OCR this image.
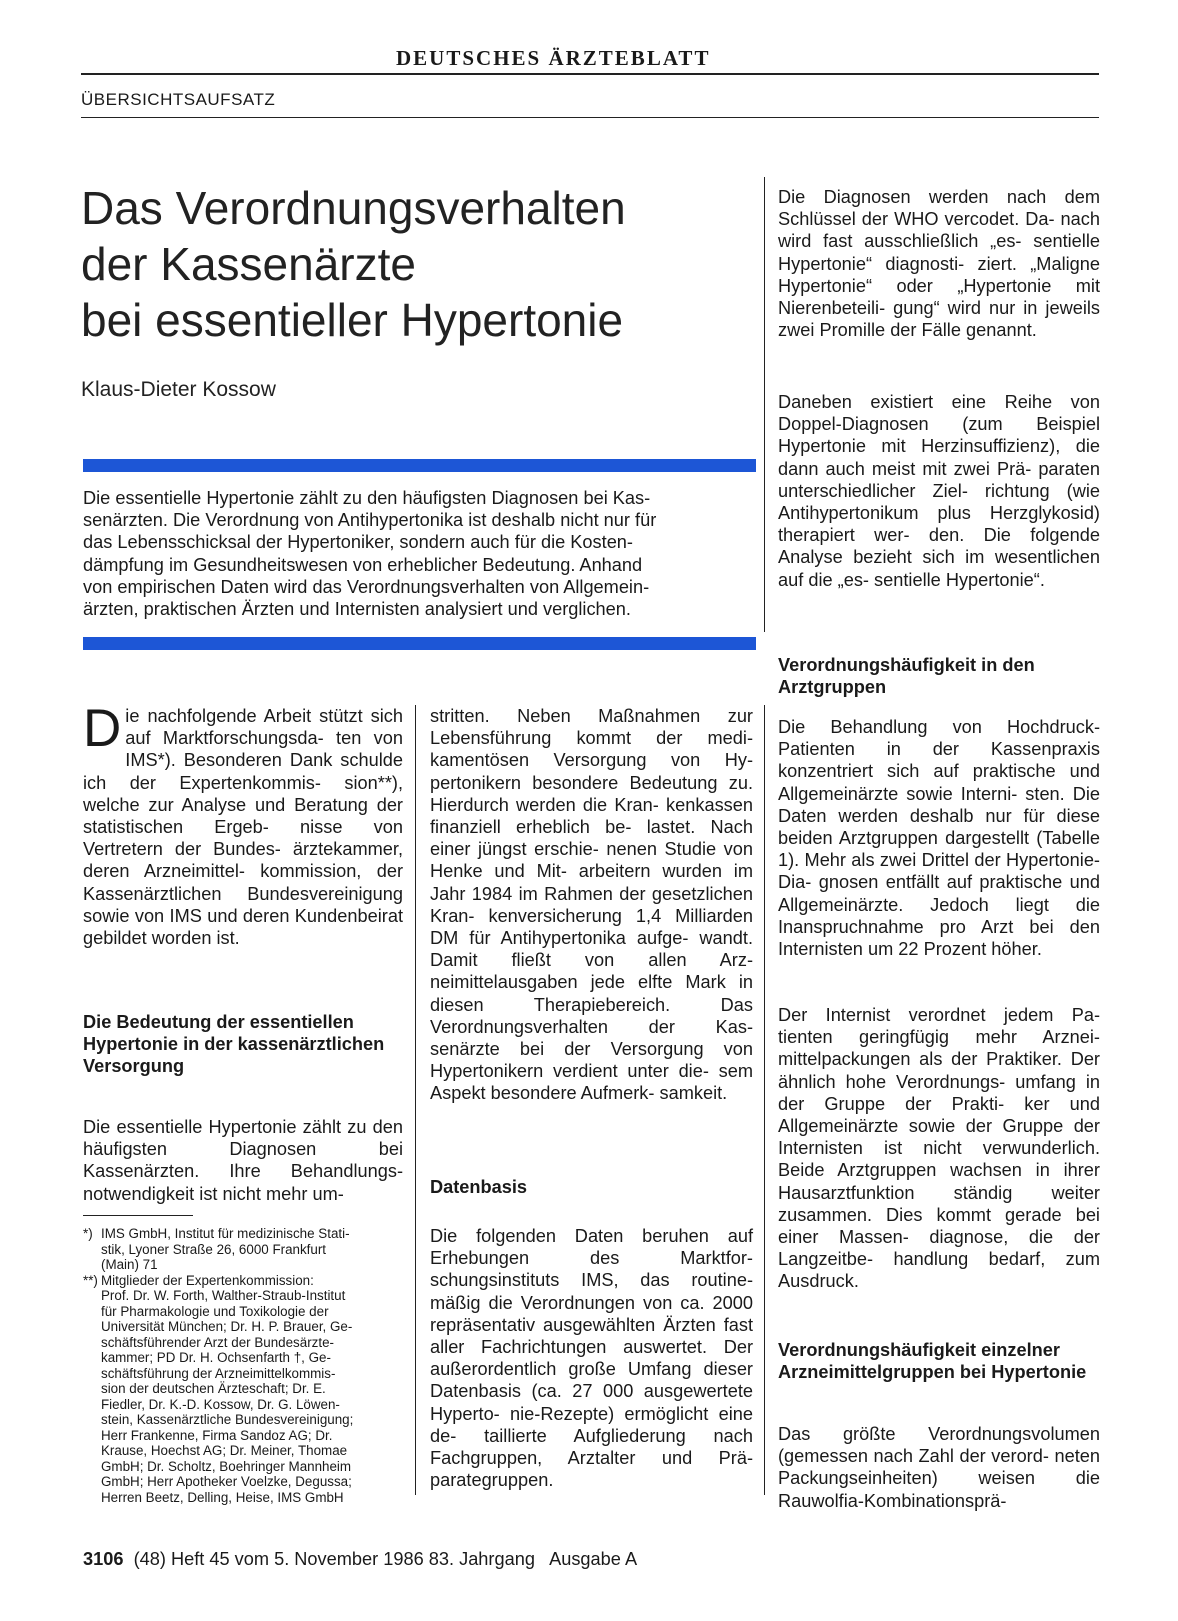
DEUTSCHES ÄRZTEBLATT
ÜBERSICHTSAUFSATZ
Das Verordnungsverhalten
der Kassenärzte
bei essentieller Hypertonie
Klaus-Dieter Kossow
Die essentielle Hypertonie zählt zu den häufigsten Diagnosen bei Kas-
senärzten. Die Verordnung von Antihypertonika ist deshalb nicht nur für
das Lebensschicksal der Hypertoniker, sondern auch für die Kosten-
dämpfung im Gesundheitswesen von erheblicher Bedeutung. Anhand
von empirischen Daten wird das Verordnungsverhalten von Allgemein-
ärzten, praktischen Ärzten und Internisten analysiert und verglichen.
D ie nachfolgende Arbeit stützt sich auf Marktforschungsda- ten von IMS*). Besonderen Dank schulde ich der Expertenkommis- sion**), welche zur Analyse und Beratung der statistischen Ergeb- nisse von Vertretern der Bundes- ärztekammer, deren Arzneimittel- kommission, der Kassenärztlichen Bundesvereinigung sowie von IMS und deren Kundenbeirat gebildet worden ist.
Die Bedeutung der essentiellen Hypertonie in der kassenärztlichen Versorgung
Die essentielle Hypertonie zählt zu den häufigsten Diagnosen bei Kassenärzten. Ihre Behandlungs- notwendigkeit ist nicht mehr um-
*) IMS GmbH, Institut für medizinische Stati-
stik, Lyoner Straße 26, 6000 Frankfurt
(Main) 71
**) Mitglieder der Expertenkommission:
Prof. Dr. W. Forth, Walther-Straub-Institut
für Pharmakologie und Toxikologie der
Universität München; Dr. H. P. Brauer, Ge-
schäftsführender Arzt der Bundesärzte-
kammer; PD Dr. H. Ochsenfarth †, Ge-
schäftsführung der Arzneimittelkommis-
sion der deutschen Ärzteschaft; Dr. E.
Fiedler, Dr. K.-D. Kossow, Dr. G. Löwen-
stein, Kassenärztliche Bundesvereinigung;
Herr Frankenne, Firma Sandoz AG; Dr.
Krause, Hoechst AG; Dr. Meiner, Thomae
GmbH; Dr. Scholtz, Boehringer Mannheim
GmbH; Herr Apotheker Voelzke, Degussa;
Herren Beetz, Delling, Heise, IMS GmbH
stritten. Neben Maßnahmen zur Lebensführung kommt der medi- kamentösen Versorgung von Hy- pertonikern besondere Bedeutung zu. Hierdurch werden die Kran- kenkassen finanziell erheblich be- lastet. Nach einer jüngst erschie- nenen Studie von Henke und Mit- arbeitern wurden im Jahr 1984 im Rahmen der gesetzlichen Kran- kenversicherung 1,4 Milliarden DM für Antihypertonika aufge- wandt. Damit fließt von allen Arz- neimittelausgaben jede elfte Mark in diesen Therapiebereich. Das Verordnungsverhalten der Kas- senärzte bei der Versorgung von Hypertonikern verdient unter die- sem Aspekt besondere Aufmerk- samkeit.
Datenbasis
Die folgenden Daten beruhen auf Erhebungen des Marktfor- schungsinstituts IMS, das routine- mäßig die Verordnungen von ca. 2000 repräsentativ ausgewählten Ärzten fast aller Fachrichtungen auswertet. Der außerordentlich große Umfang dieser Datenbasis (ca. 27 000 ausgewertete Hyperto- nie-Rezepte) ermöglicht eine de- taillierte Aufgliederung nach Fachgruppen, Arztalter und Prä- parategruppen.
Die Diagnosen werden nach dem Schlüssel der WHO vercodet. Da- nach wird fast ausschließlich „es- sentielle Hypertonie“ diagnosti- ziert. „Maligne Hypertonie“ oder „Hypertonie mit Nierenbeteili- gung“ wird nur in jeweils zwei Promille der Fälle genannt.
Daneben existiert eine Reihe von Doppel-Diagnosen (zum Beispiel Hypertonie mit Herzinsuffizienz), die dann auch meist mit zwei Prä- paraten unterschiedlicher Ziel- richtung (wie Antihypertonikum plus Herzglykosid) therapiert wer- den. Die folgende Analyse bezieht sich im wesentlichen auf die „es- sentielle Hypertonie“.
Verordnungshäufigkeit in den Arztgruppen
Die Behandlung von Hochdruck- Patienten in der Kassenpraxis konzentriert sich auf praktische und Allgemeinärzte sowie Interni- sten. Die Daten werden deshalb nur für diese beiden Arztgruppen dargestellt (Tabelle 1). Mehr als zwei Drittel der Hypertonie-Dia- gnosen entfällt auf praktische und Allgemeinärzte. Jedoch liegt die Inanspruchnahme pro Arzt bei den Internisten um 22 Prozent höher.
Der Internist verordnet jedem Pa- tienten geringfügig mehr Arznei- mittelpackungen als der Praktiker. Der ähnlich hohe Verordnungs- umfang in der Gruppe der Prakti- ker und Allgemeinärzte sowie der Gruppe der Internisten ist nicht verwunderlich. Beide Arztgruppen wachsen in ihrer Hausarztfunktion ständig weiter zusammen. Dies kommt gerade bei einer Massen- diagnose, die der Langzeitbe- handlung bedarf, zum Ausdruck.
Verordnungshäufigkeit einzelner Arzneimittelgruppen bei Hypertonie
Das größte Verordnungsvolumen (gemessen nach Zahl der verord- neten Packungseinheiten) weisen die Rauwolfia-Kombinationsprä-
3106  (48) Heft 45 vom 5. November 1986 83. Jahrgang   Ausgabe A
